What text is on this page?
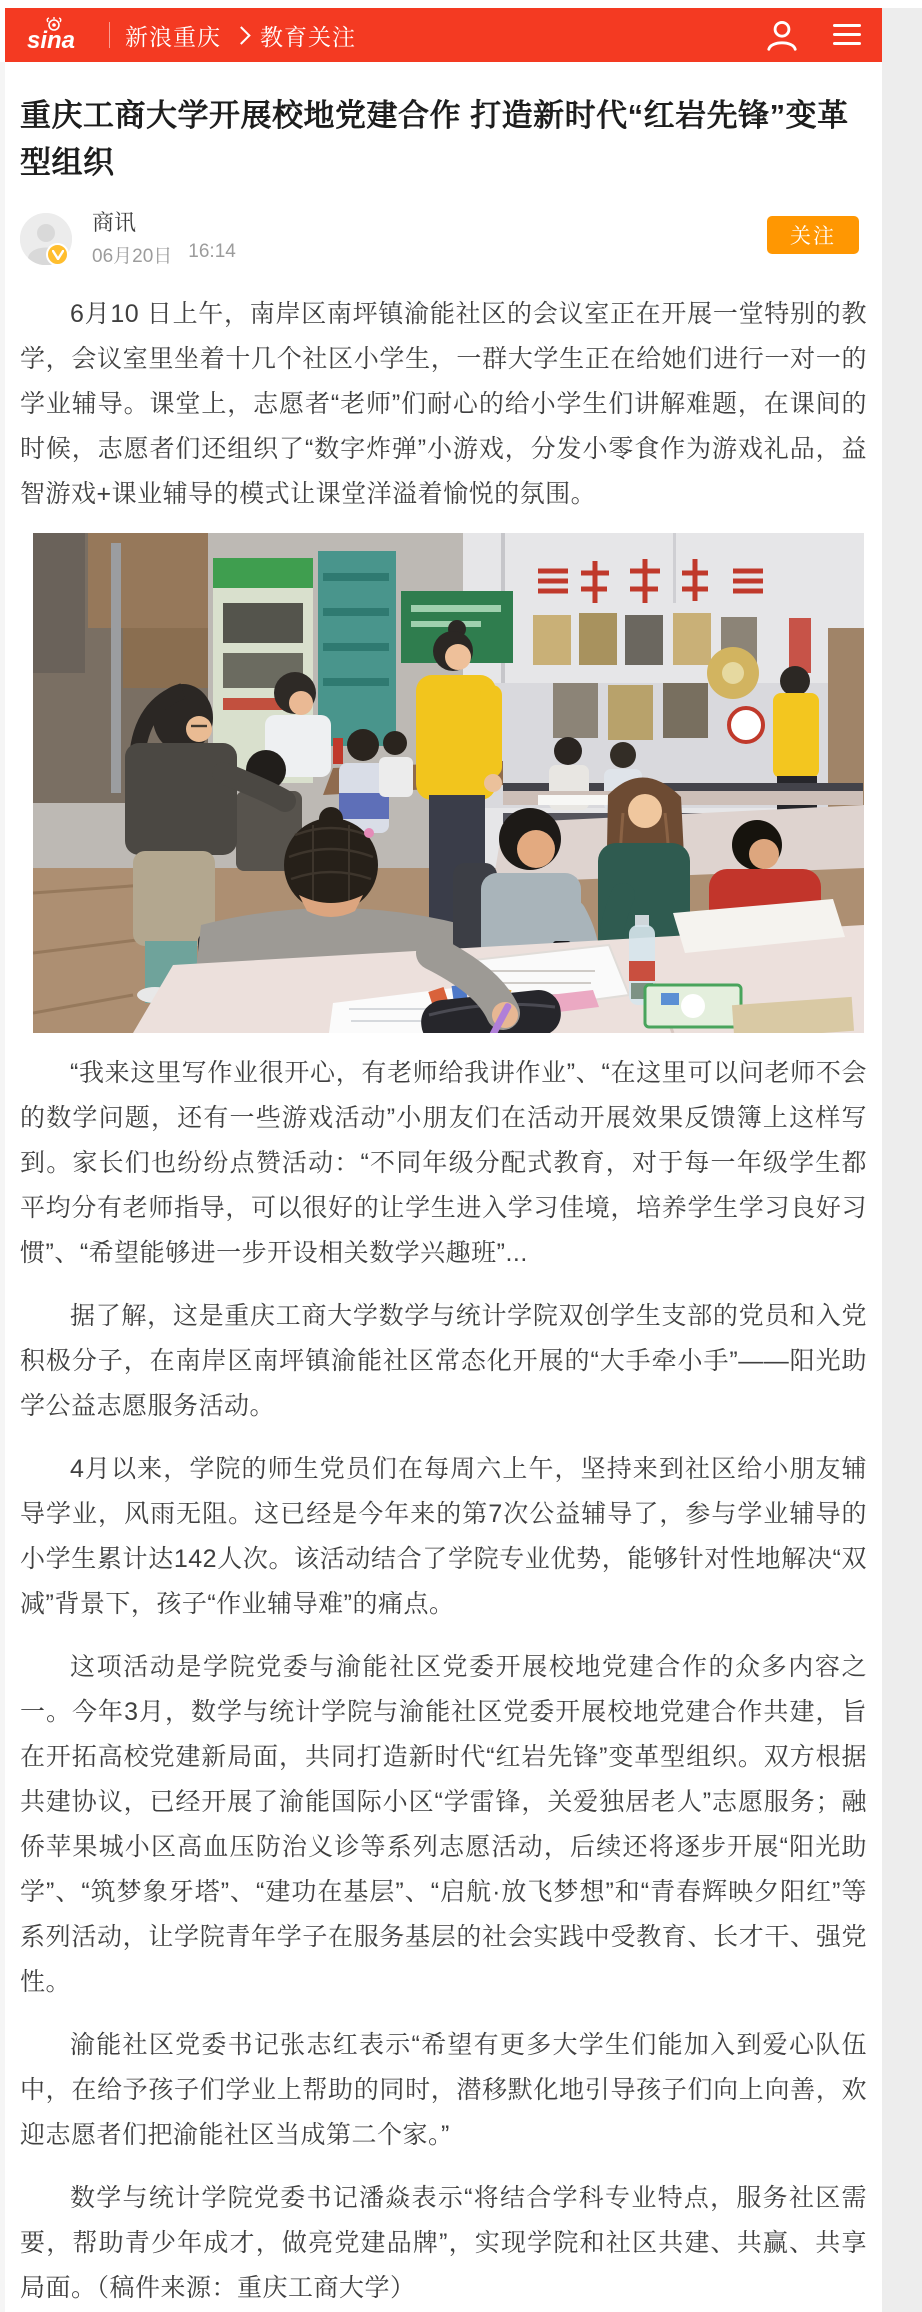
sina 新浪重庆 教育关注
重庆工商大学开展校地党建合作 打造新时代“红岩先锋”变革型组织
商讯
06月20日 16:14
关注

6月10 日上午，南岸区南坪镇渝能社区的会议室正在开展一堂特别的教学，会议室里坐着十几个社区小学生，一群大学生正在给她们进行一对一的学业辅导。课堂上，志愿者“老师”们耐心的给小学生们讲解难题，在课间的时候，志愿者们还组织了“数字炸弹”小游戏，分发小零食作为游戏礼品，益智游戏+课业辅导的模式让课堂洋溢着愉悦的氛围。

“我来这里写作业很开心，有老师给我讲作业”、“在这里可以问老师不会的数学问题，还有一些游戏活动”小朋友们在活动开展效果反馈簿上这样写到。家长们也纷纷点赞活动：“不同年级分配式教育，对于每一年级学生都平均分有老师指导，可以很好的让学生进入学习佳境，培养学生学习良好习惯”、“希望能够进一步开设相关数学兴趣班”...

据了解，这是重庆工商大学数学与统计学院双创学生支部的党员和入党积极分子，在南岸区南坪镇渝能社区常态化开展的“大手牵小手”——阳光助学公益志愿服务活动。

4月以来，学院的师生党员们在每周六上午，坚持来到社区给小朋友辅导学业，风雨无阻。这已经是今年来的第7次公益辅导了，参与学业辅导的小学生累计达142人次。该活动结合了学院专业优势，能够针对性地解决“双减”背景下，孩子“作业辅导难”的痛点。

这项活动是学院党委与渝能社区党委开展校地党建合作的众多内容之一。今年3月，数学与统计学院与渝能社区党委开展校地党建合作共建，旨在开拓高校党建新局面，共同打造新时代“红岩先锋”变革型组织。双方根据共建协议，已经开展了渝能国际小区“学雷锋，关爱独居老人”志愿服务；融侨苹果城小区高血压防治义诊等系列志愿活动，后续还将逐步开展“阳光助学”、“筑梦象牙塔”、“建功在基层”、“启航·放飞梦想”和“青春辉映夕阳红”等系列活动，让学院青年学子在服务基层的社会实践中受教育、长才干、强党性。

渝能社区党委书记张志红表示“希望有更多大学生们能加入到爱心队伍中，在给予孩子们学业上帮助的同时，潜移默化地引导孩子们向上向善，欢迎志愿者们把渝能社区当成第二个家。”

数学与统计学院党委书记潘焱表示“将结合学科专业特点，服务社区需要，帮助青少年成才，做亮党建品牌”，实现学院和社区共建、共赢、共享局面。（稿件来源：重庆工商大学）
